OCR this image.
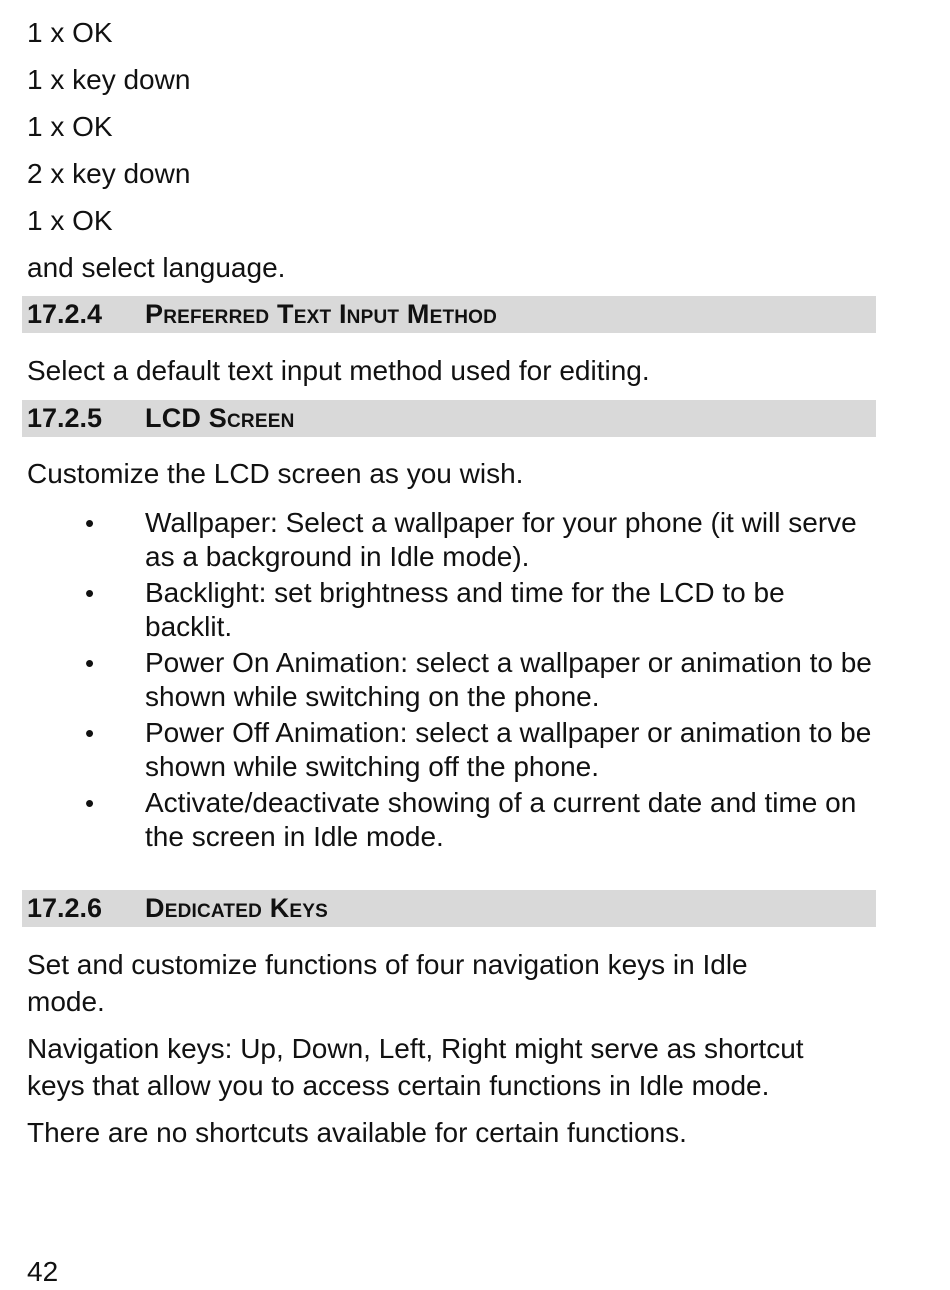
1 x OK
1 x key down
1 x OK
2 x key down
1 x OK
and select language.
17.2.4 Preferred Text Input Method
Select a default text input method used for editing.
17.2.5 LCD Screen
Customize the LCD screen as you wish.
• Wallpaper: Select a wallpaper for your phone (it will serve as a background in Idle mode).
• Backlight: set brightness and time for the LCD to be backlit.
• Power On Animation: select a wallpaper or animation to be shown while switching on the phone.
• Power Off Animation: select a wallpaper or animation to be shown while switching off the phone.
• Activate/deactivate showing of a current date and time on the screen in Idle mode.
17.2.6 Dedicated Keys
Set and customize functions of four navigation keys in Idle mode.
Navigation keys: Up, Down, Left, Right might serve as shortcut keys that allow you to access certain functions in Idle mode.
There are no shortcuts available for certain functions.
42
